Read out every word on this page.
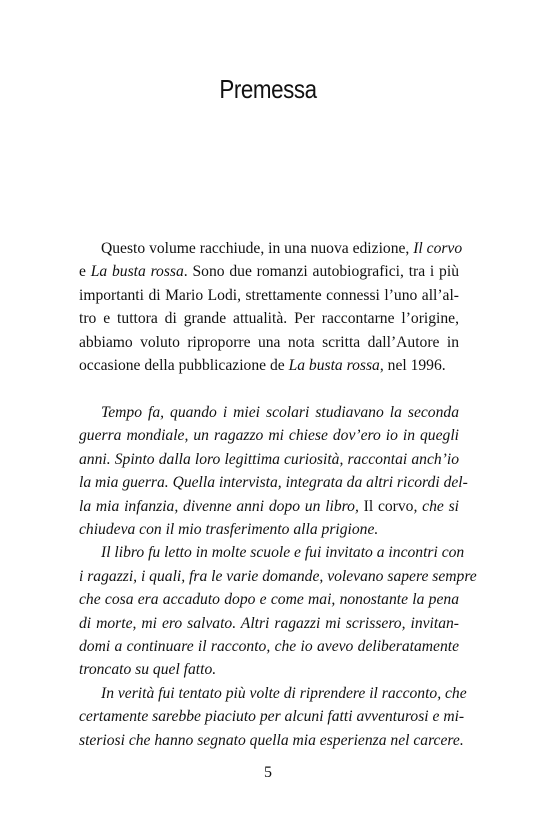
Premessa
Questo volume racchiude, in una nuova edizione, Il corvo
e La busta rossa. Sono due romanzi autobiografici, tra i più
importanti di Mario Lodi, strettamente connessi l’uno all’al-
tro e tuttora di grande attualità. Per raccontarne l’origine,
abbiamo voluto riproporre una nota scritta dall’Autore in
occasione della pubblicazione de La busta rossa, nel 1996.
Tempo fa, quando i miei scolari studiavano la seconda
guerra mondiale, un ragazzo mi chiese dov’ero io in quegli
anni. Spinto dalla loro legittima curiosità, raccontai anch’io
la mia guerra. Quella intervista, integrata da altri ricordi del-
la mia infanzia, divenne anni dopo un libro, Il corvo, che si
chiudeva con il mio trasferimento alla prigione.
Il libro fu letto in molte scuole e fui invitato a incontri con
i ragazzi, i quali, fra le varie domande, volevano sapere sempre
che cosa era accaduto dopo e come mai, nonostante la pena
di morte, mi ero salvato. Altri ragazzi mi scrissero, invitan-
domi a continuare il racconto, che io avevo deliberatamente
troncato su quel fatto.
In verità fui tentato più volte di riprendere il racconto, che
certamente sarebbe piaciuto per alcuni fatti avventurosi e mi-
steriosi che hanno segnato quella mia esperienza nel carcere.
5
